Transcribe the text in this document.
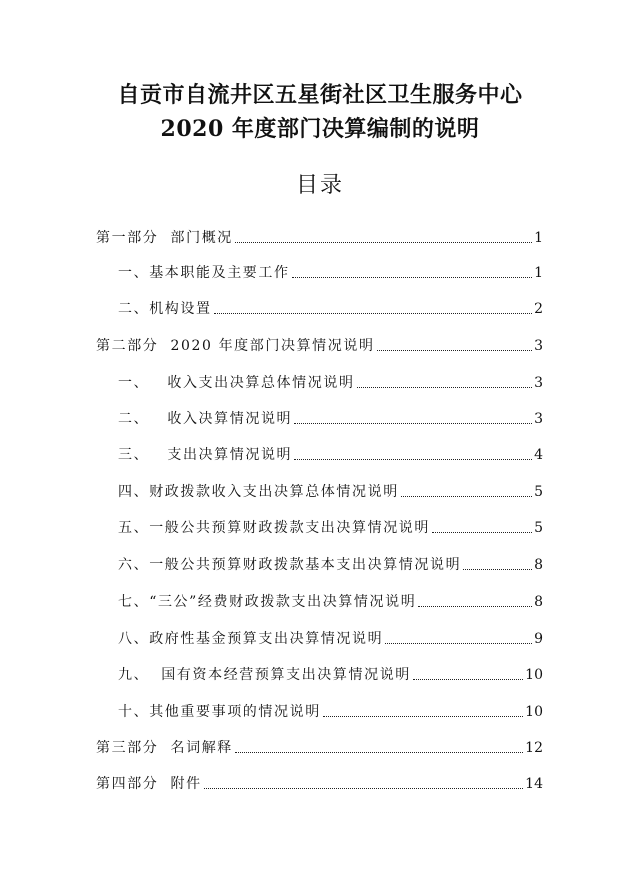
自贡市自流井区五星街社区卫生服务中心
2020 年度部门决算编制的说明
目录
第一部分  部门概况	1
一、基本职能及主要工作	1
二、机构设置	2
第二部分  2020 年度部门决算情况说明	3
一、   收入支出决算总体情况说明	3
二、   收入决算情况说明	3
三、   支出决算情况说明	4
四、财政拨款收入支出决算总体情况说明	5
五、一般公共预算财政拨款支出决算情况说明	5
六、一般公共预算财政拨款基本支出决算情况说明	8
七、“三公”经费财政拨款支出决算情况说明	8
八、政府性基金预算支出决算情况说明	9
九、  国有资本经营预算支出决算情况说明	10
十、其他重要事项的情况说明	10
第三部分  名词解释	12
第四部分  附件	14
